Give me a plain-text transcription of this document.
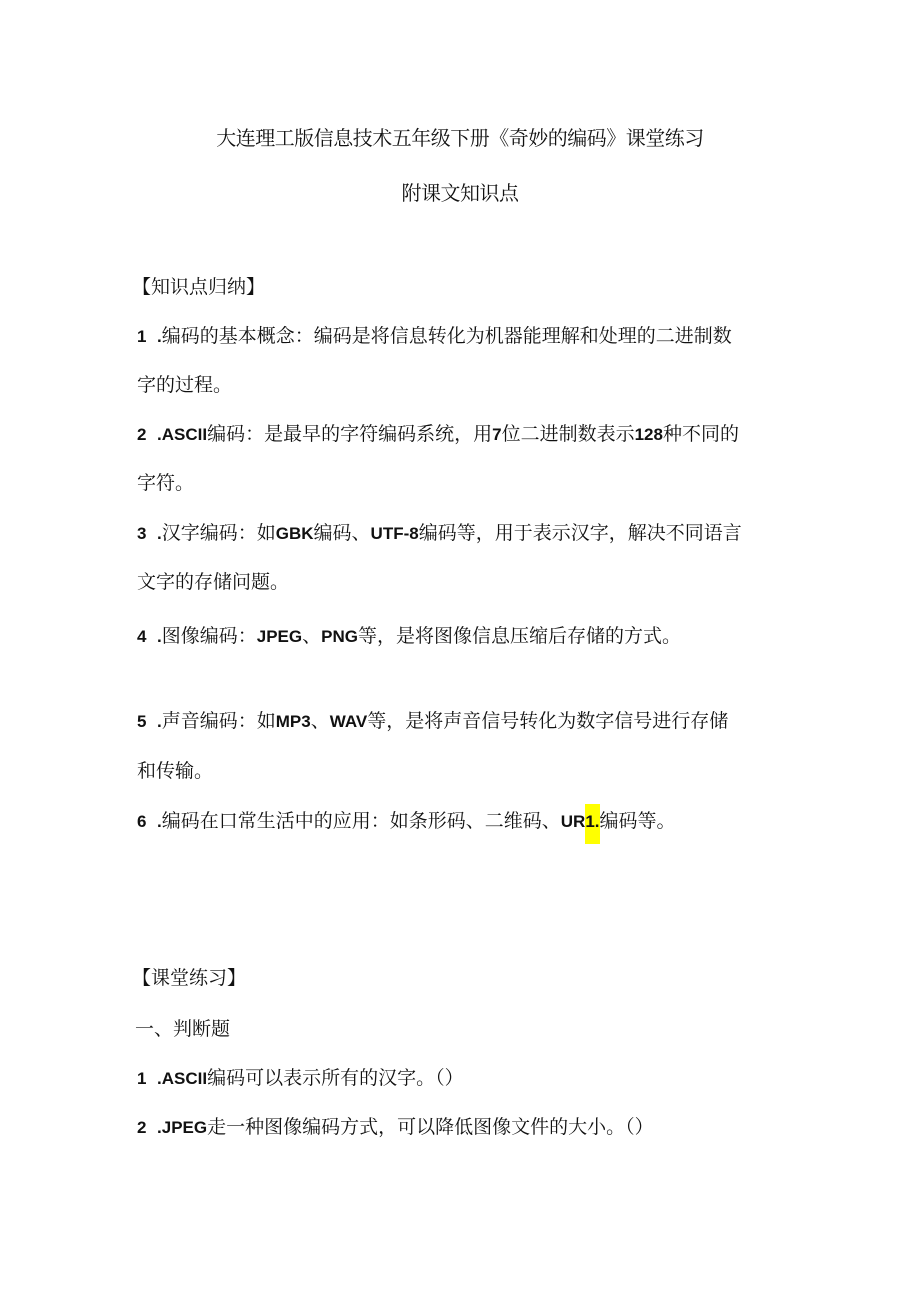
大连理工版信息技术五年级下册《奇妙的编码》课堂练习
附课文知识点
【知识点归纳】
1 .编码的基本概念：编码是将信息转化为机器能理解和处理的二进制数
字的过程。
2 .ASCII编码：是最早的字符编码系统，用7位二进制数表示128种不同的
字符。
3 .汉字编码：如GBK编码、UTF-8编码等，用于表示汉字，解决不同语言
文字的存储问题。
4 .图像编码：JPEG、PNG等，是将图像信息压缩后存储的方式。
5 .声音编码：如MP3、WAV等，是将声音信号转化为数字信号进行存储
和传输。
6 .编码在口常生活中的应用：如条形码、二维码、UR1.编码等。
【课堂练习】
一、判断题
1 .ASCII编码可以表示所有的汉字。（）
2 .JPEG走一种图像编码方式，可以降低图像文件的大小。（）
